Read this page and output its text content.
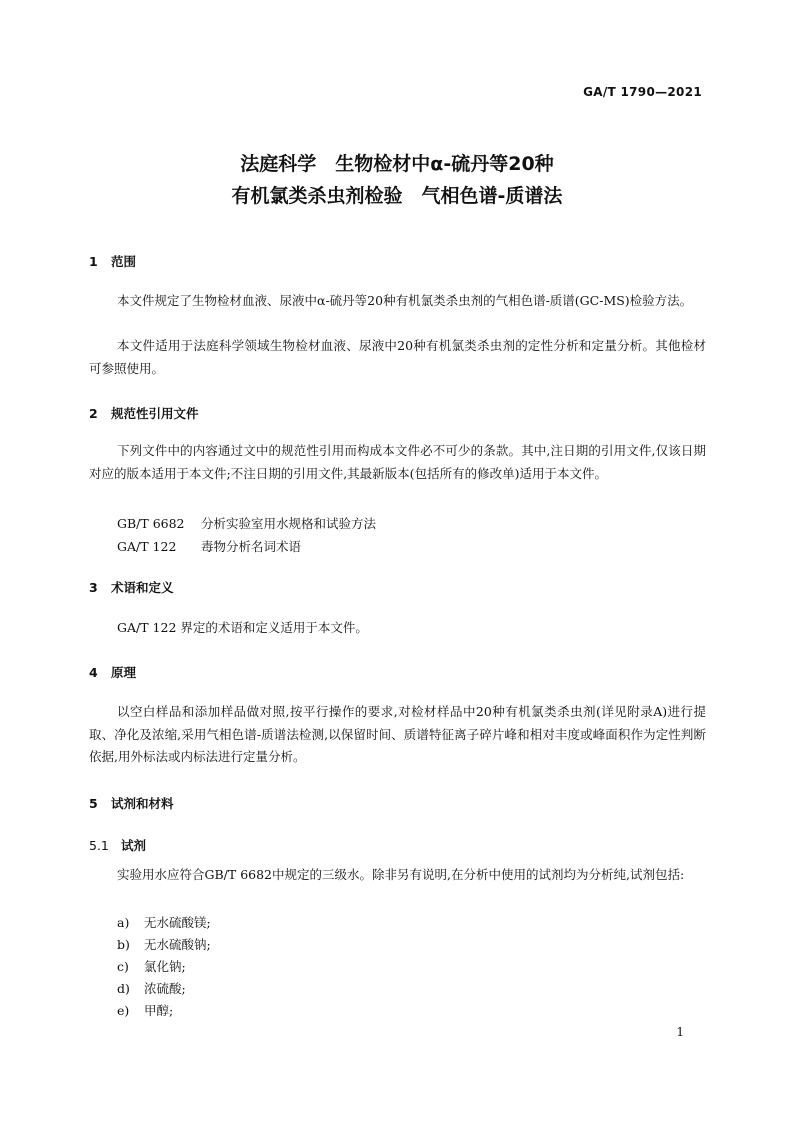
GA/T 1790—2021
法庭科学　生物检材中α-硫丹等20种
有机氯类杀虫剂检验　气相色谱-质谱法
1 范围

本文件规定了生物检材血液、尿液中α-硫丹等20种有机氯类杀虫剂的气相色谱-质谱(GC-MS)检验方法。

本文件适用于法庭科学领域生物检材血液、尿液中20种有机氯类杀虫剂的定性分析和定量分析。其他检材可参照使用。

2 规范性引用文件

下列文件中的内容通过文中的规范性引用而构成本文件必不可少的条款。其中,注日期的引用文件,仅该日期对应的版本适用于本文件;不注日期的引用文件,其最新版本(包括所有的修改单)适用于本文件。

GB/T 6682 分析实验室用水规格和试验方法
GA/T 122 毒物分析名词术语
3 术语和定义

GA/T 122 界定的术语和定义适用于本文件。

4 原理

以空白样品和添加样品做对照,按平行操作的要求,对检材样品中20种有机氯类杀虫剂(详见附录A)进行提取、净化及浓缩,采用气相色谱-质谱法检测,以保留时间、质谱特征离子碎片峰和相对丰度或峰面积作为定性判断依据,用外标法或内标法进行定量分析。

5 试剂和材料
5.1 试剂

实验用水应符合GB/T 6682中规定的三级水。除非另有说明,在分析中使用的试剂均为分析纯,试剂包括:

a) 无水硫酸镁;
b) 无水硫酸钠;
c) 氯化钠;
d) 浓硫酸;
e) 甲醇;
1
